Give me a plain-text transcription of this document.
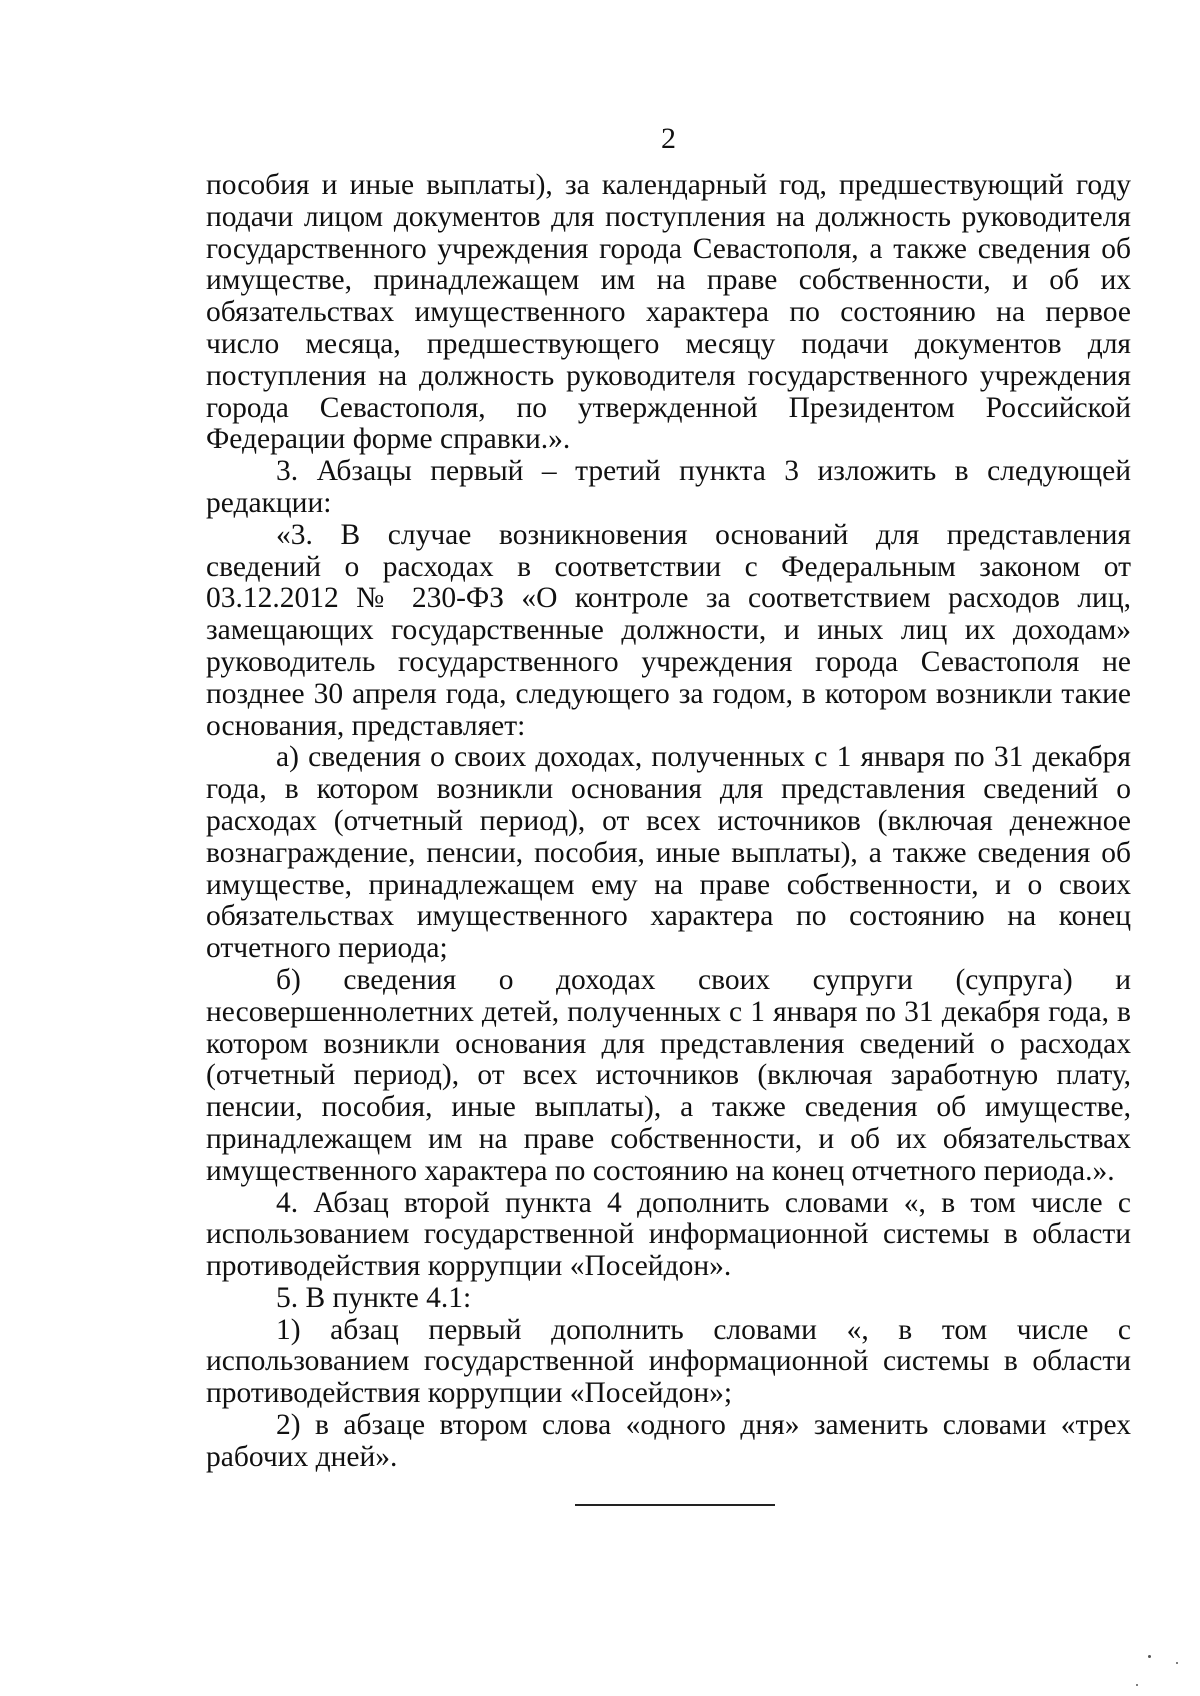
2

пособия и иные выплаты), за календарный год, предшествующий году подачи лицом документов для поступления на должность руководителя государственного учреждения города Севастополя, а также сведения об имуществе, принадлежащем им на праве собственности, и об их обязательствах имущественного характера по состоянию на первое число месяца, предшествующего месяцу подачи документов для поступления на должность руководителя государственного учреждения города Севастополя, по утвержденной Президентом Российской Федерации форме справки.».

3. Абзацы первый – третий пункта 3 изложить в следующей редакции:

«3. В случае возникновения оснований для представления сведений о расходах в соответствии с Федеральным законом от 03.12.2012 № 230-ФЗ «О контроле за соответствием расходов лиц, замещающих государственные должности, и иных лиц их доходам» руководитель государственного учреждения города Севастополя не позднее 30 апреля года, следующего за годом, в котором возникли такие основания, представляет:

а) сведения о своих доходах, полученных с 1 января по 31 декабря года, в котором возникли основания для представления сведений о расходах (отчетный период), от всех источников (включая денежное вознаграждение, пенсии, пособия, иные выплаты), а также сведения об имуществе, принадлежащем ему на праве собственности, и о своих обязательствах имущественного характера по состоянию на конец отчетного периода;

б) сведения о доходах своих супруги (супруга) и несовершеннолетних детей, полученных с 1 января по 31 декабря года, в котором возникли основания для представления сведений о расходах (отчетный период), от всех источников (включая заработную плату, пенсии, пособия, иные выплаты), а также сведения об имуществе, принадлежащем им на праве собственности, и об их обязательствах имущественного характера по состоянию на конец отчетного периода.».

4. Абзац второй пункта 4 дополнить словами «, в том числе с использованием государственной информационной системы в области противодействия коррупции «Посейдон».

5. В пункте 4.1:

1) абзац первый дополнить словами «, в том числе с использованием государственной информационной системы в области противодействия коррупции «Посейдон»;

2) в абзаце втором слова «одного дня» заменить словами «трех рабочих дней».
